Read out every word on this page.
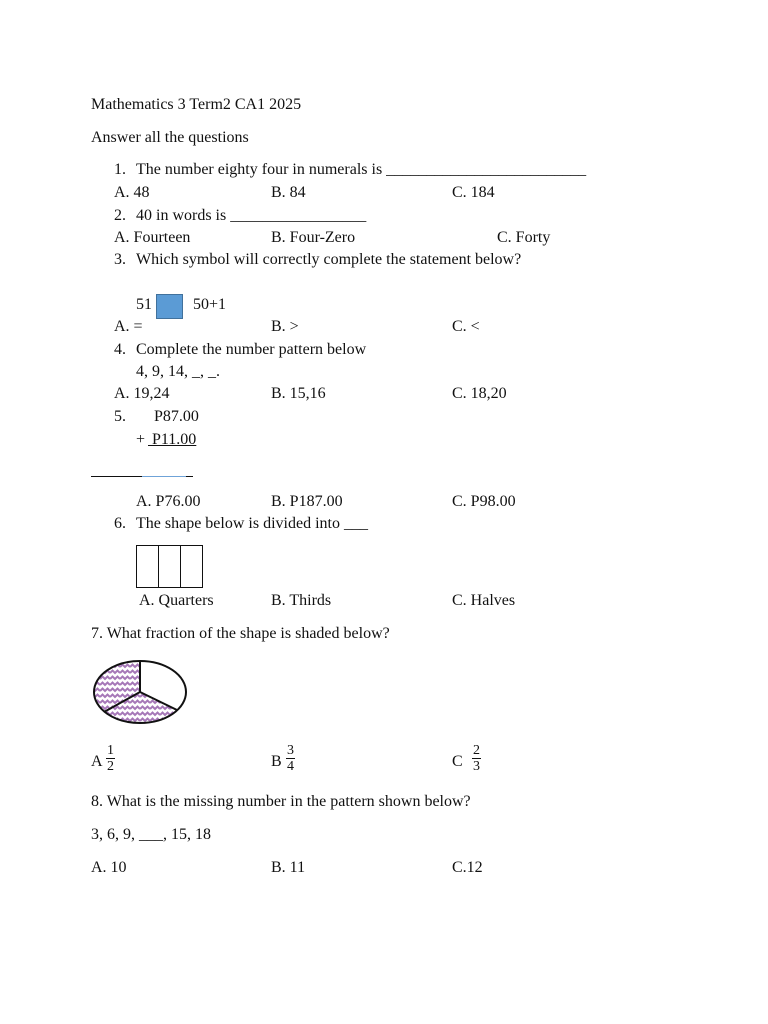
Mathematics 3 Term2 CA1 2025
Answer all the questions
1. The number eighty four in numerals is _________________________
A. 48	B. 84	C. 184
2. 40 in words is _________________
A. Fourteen	B. Four-Zero	C. Forty
3. Which symbol will correctly complete the statement below?
51	50+1
A. =	B. >	C. <
4. Complete the number pattern below
4, 9, 14, _, _.
A. 19,24	B. 15,16	C. 18,20
5. P87.00
+
P11.00
A. P76.00	B. P187.00	C. P98.00
6. The shape below is divided into ___
A. Quarters	B. Thirds	C. Halves
7. What fraction of the shape is shaded below?
A $\frac{1}{2}$	B $\frac{3}{4}$	C $\frac{2}{3}$
8. What is the missing number in the pattern shown below?
3, 6, 9, ___, 15, 18
A. 10	B. 11	C.12
